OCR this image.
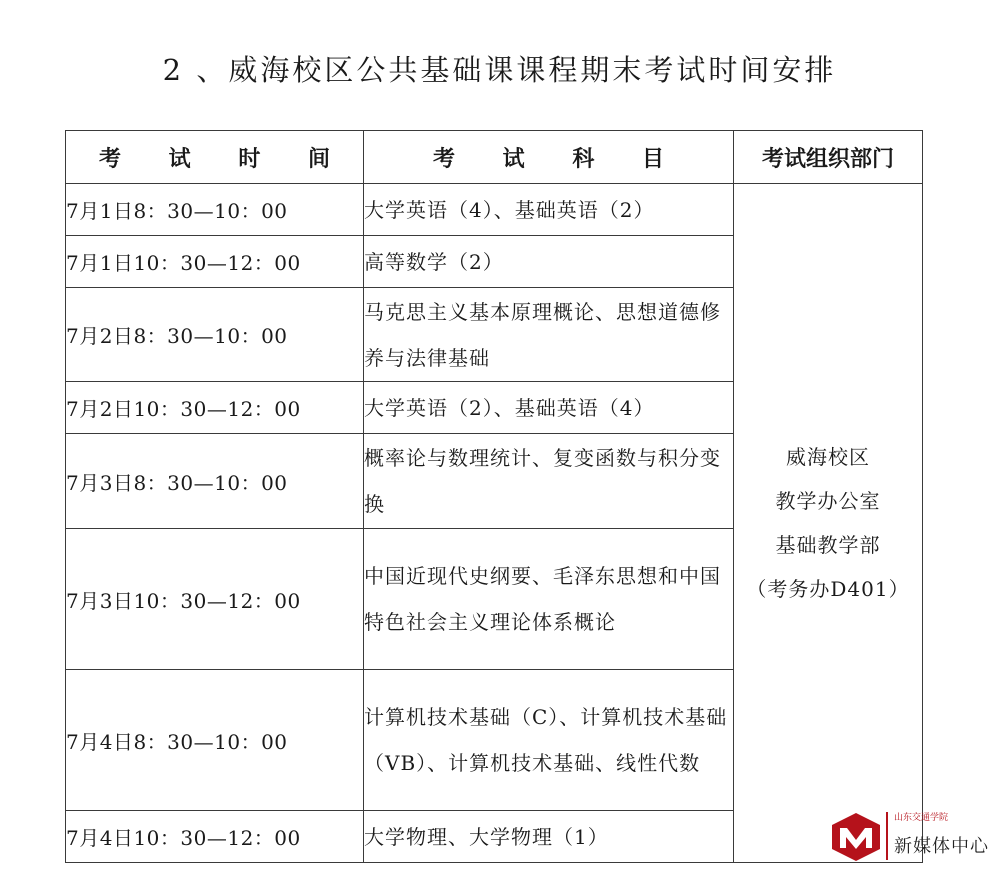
2 、威海校区公共基础课课程期末考试时间安排
考 试 时 间	考 试 科 目	考试组织部门
7月1日8：30—10：00	大学英语（4）、基础英语（2）	威海校区
教学办公室
基础教学部
（考务办D401）

7月1日10：30—12：00	高等数学（2）	
7月2日8：30—10：00	马克思主义基本原理概论、思想道德修养与法律基础	
7月2日10：30—12：00	大学英语（2）、基础英语（4）	
7月3日8：30—10：00	概率论与数理统计、复变函数与积分变换	
7月3日10：30—12：00	中国近现代史纲要、毛泽东思想和中国特色社会主义理论体系概论	
7月4日8：30—10：00	计算机技术基础（C）、计算机技术基础（VB）、计算机技术基础、线性代数	
7月4日10：30—12：00	大学物理、大学物理（1）	
山东交通学院
新媒体中心
